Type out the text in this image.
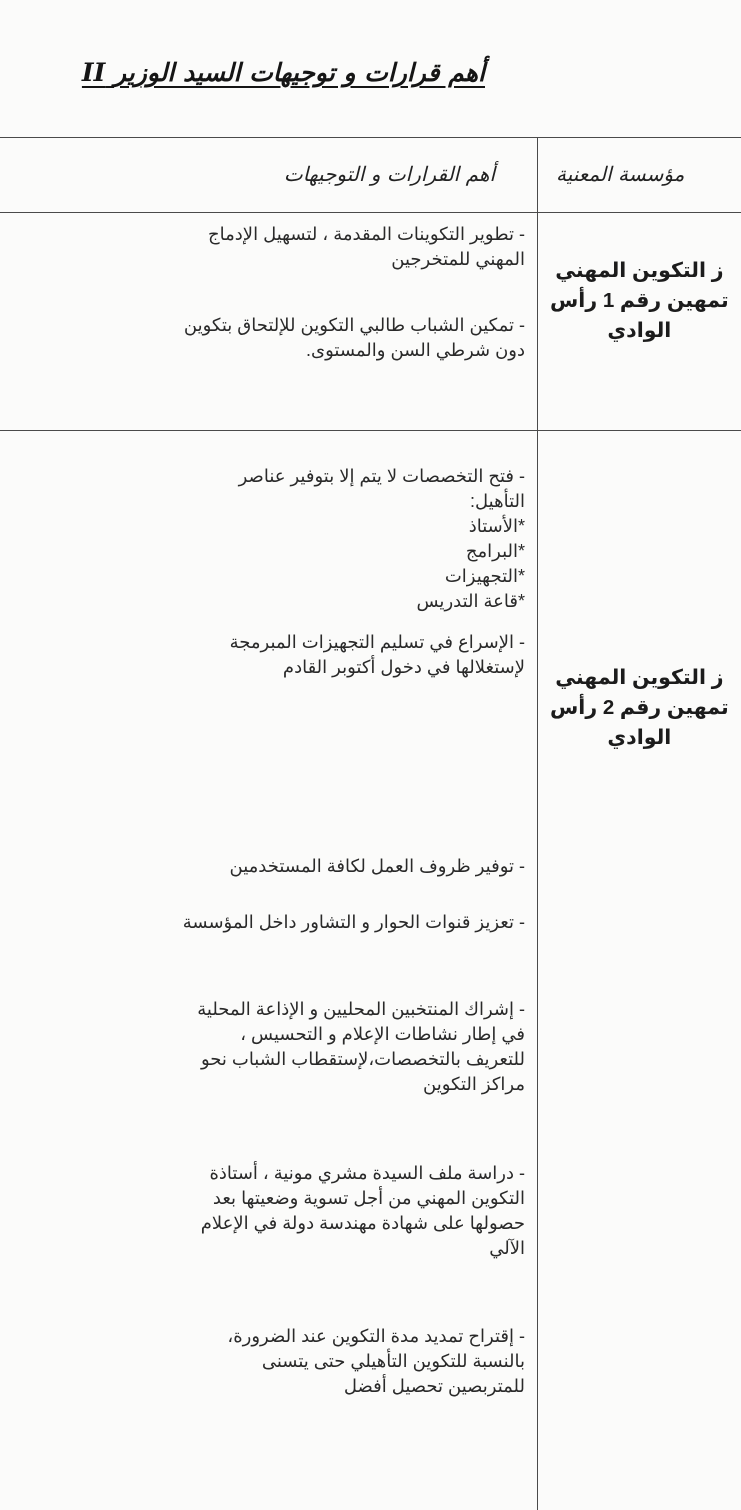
أهم قرارات و توجيهات السيد الوزير II
مؤسسة المعنية
أهم القرارات و التوجيهات
ز التكوين المهني
تمهين رقم 1 رأس
الوادي
- تطوير التكوينات المقدمة ، لتسهيل الإدماج
المهني للمتخرجين
- تمكين الشباب طالبي التكوين للإلتحاق بتكوين
دون شرطي السن والمستوى.
ز التكوين المهني
تمهين رقم 2 رأس
الوادي
- فتح التخصصات لا يتم إلا بتوفير عناصر
التأهيل:
*الأستاذ
*البرامج
*التجهيزات
*قاعة التدريس
- الإسراع في تسليم التجهيزات المبرمجة
لإستغلالها في دخول أكتوبر القادم
- توفير ظروف العمل لكافة المستخدمين
- تعزيز قنوات الحوار و التشاور داخل المؤسسة
- إشراك المنتخبين المحليين و الإذاعة المحلية
في إطار نشاطات الإعلام و التحسيس ،
للتعريف بالتخصصات،لإستقطاب الشباب نحو
مراكز التكوين
- دراسة ملف السيدة مشري مونية ، أستاذة
التكوين المهني من أجل تسوية وضعيتها بعد
حصولها على شهادة مهندسة دولة في الإعلام
الآلي
- إقتراح تمديد مدة التكوين عند الضرورة،
بالنسبة للتكوين التأهيلي حتى يتسنى
للمتربصين تحصيل أفضل
